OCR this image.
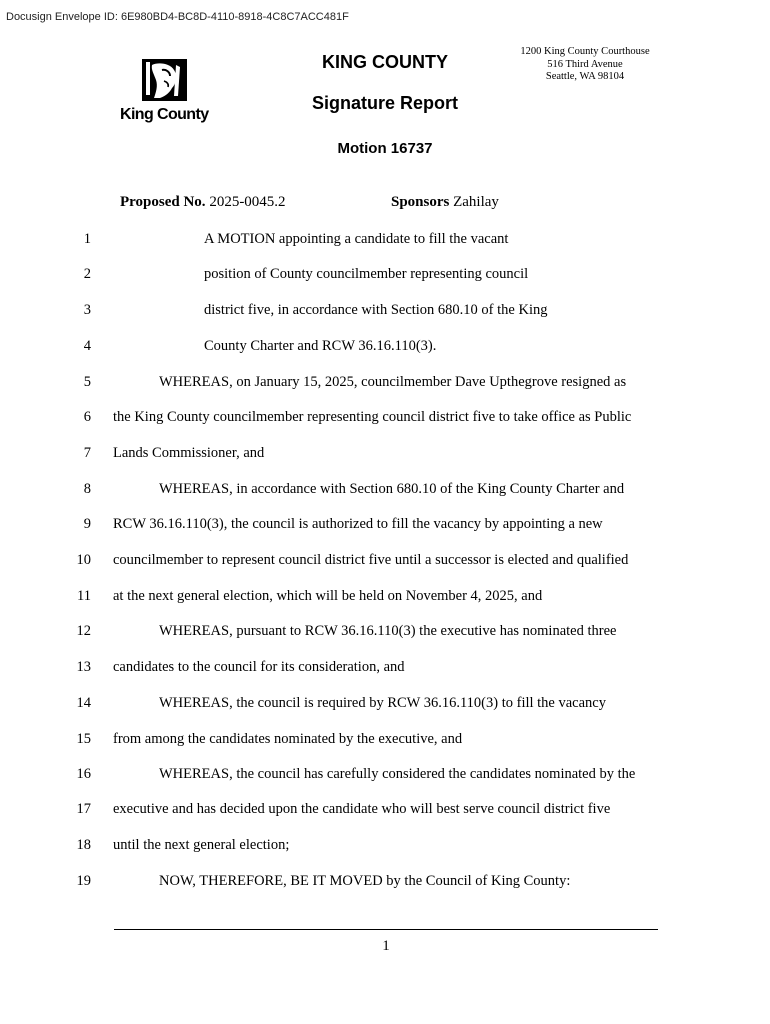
Docusign Envelope ID: 6E980BD4-BC8D-4110-8918-4C8C7ACC481F
King County
KING COUNTY
Signature Report
Motion 16737
1200 King County Courthouse
516 Third Avenue
Seattle, WA 98104
Proposed No. 2025-0045.2	Sponsors Zahilay
1	A MOTION appointing a candidate to fill the vacant
2	position of County councilmember representing council
3	district five, in accordance with Section 680.10 of the King
4	County Charter and RCW 36.16.110(3).
5	WHEREAS, on January 15, 2025, councilmember Dave Upthegrove resigned as
6 the King County councilmember representing council district five to take office as Public
7 Lands Commissioner, and
8	WHEREAS, in accordance with Section 680.10 of the King County Charter and
9 RCW 36.16.110(3), the council is authorized to fill the vacancy by appointing a new
10 councilmember to represent council district five until a successor is elected and qualified
11 at the next general election, which will be held on November 4, 2025, and
12	WHEREAS, pursuant to RCW 36.16.110(3) the executive has nominated three
13 candidates to the council for its consideration, and
14	WHEREAS, the council is required by RCW 36.16.110(3) to fill the vacancy
15 from among the candidates nominated by the executive, and
16	WHEREAS, the council has carefully considered the candidates nominated by the
17 executive and has decided upon the candidate who will best serve council district five
18 until the next general election;
19	NOW, THEREFORE, BE IT MOVED by the Council of King County:
1
